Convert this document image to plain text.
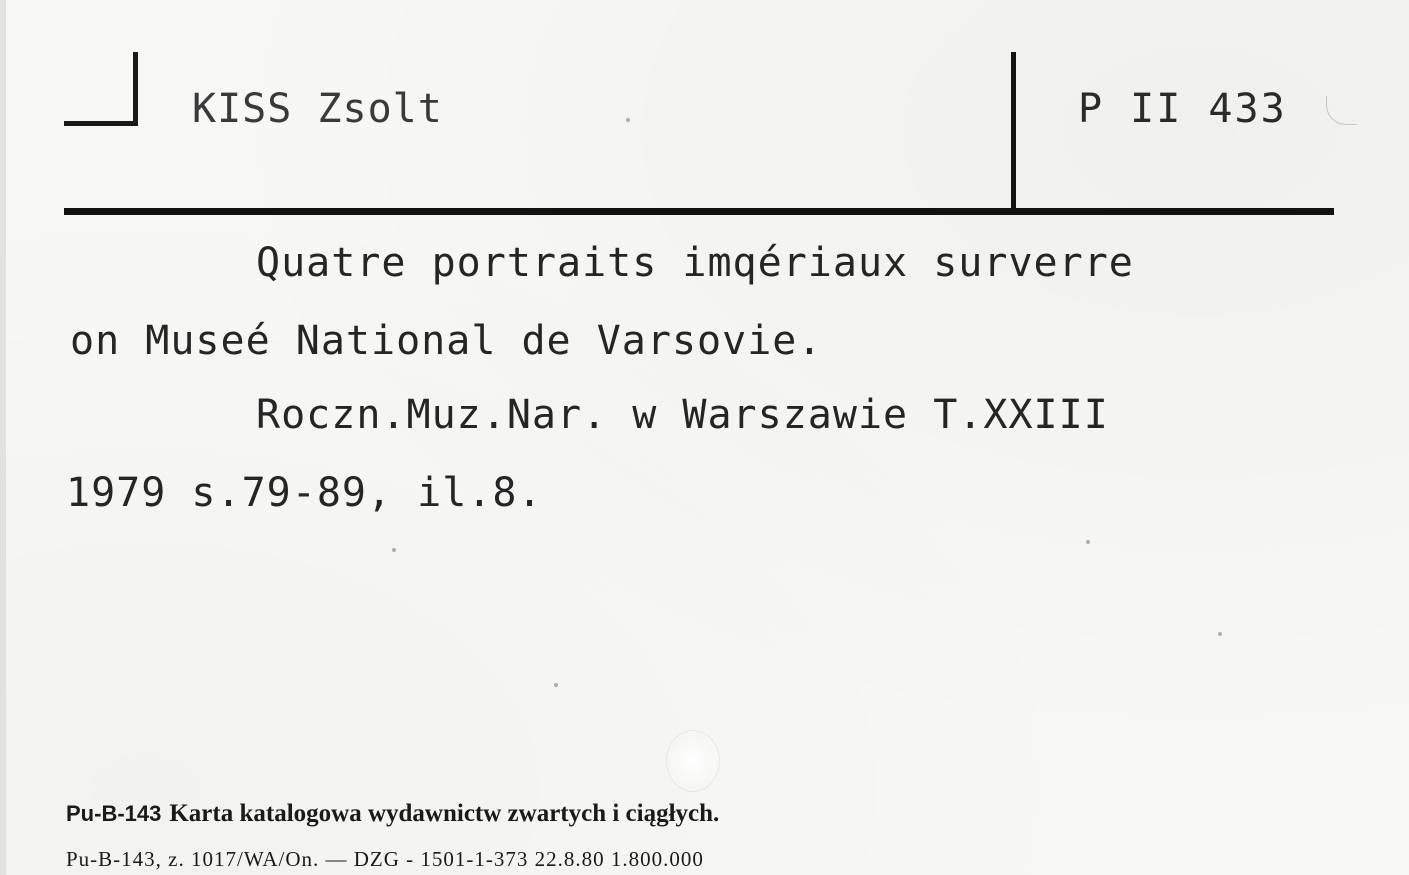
KISS Zsolt	P II 433
Quatre portraits imqériaux surverre
on Museé National de Varsovie.
Roczn.Muz.Nar. w Warszawie T.XXIII
1979 s.79-89, il.8.
Pu-B-143 Karta katalogowa wydawnictw zwartych i ciągłych.
Pu-B-143, z. 1017/WA/On. — DZG - 1501-1-373 22.8.80 1.800.000
